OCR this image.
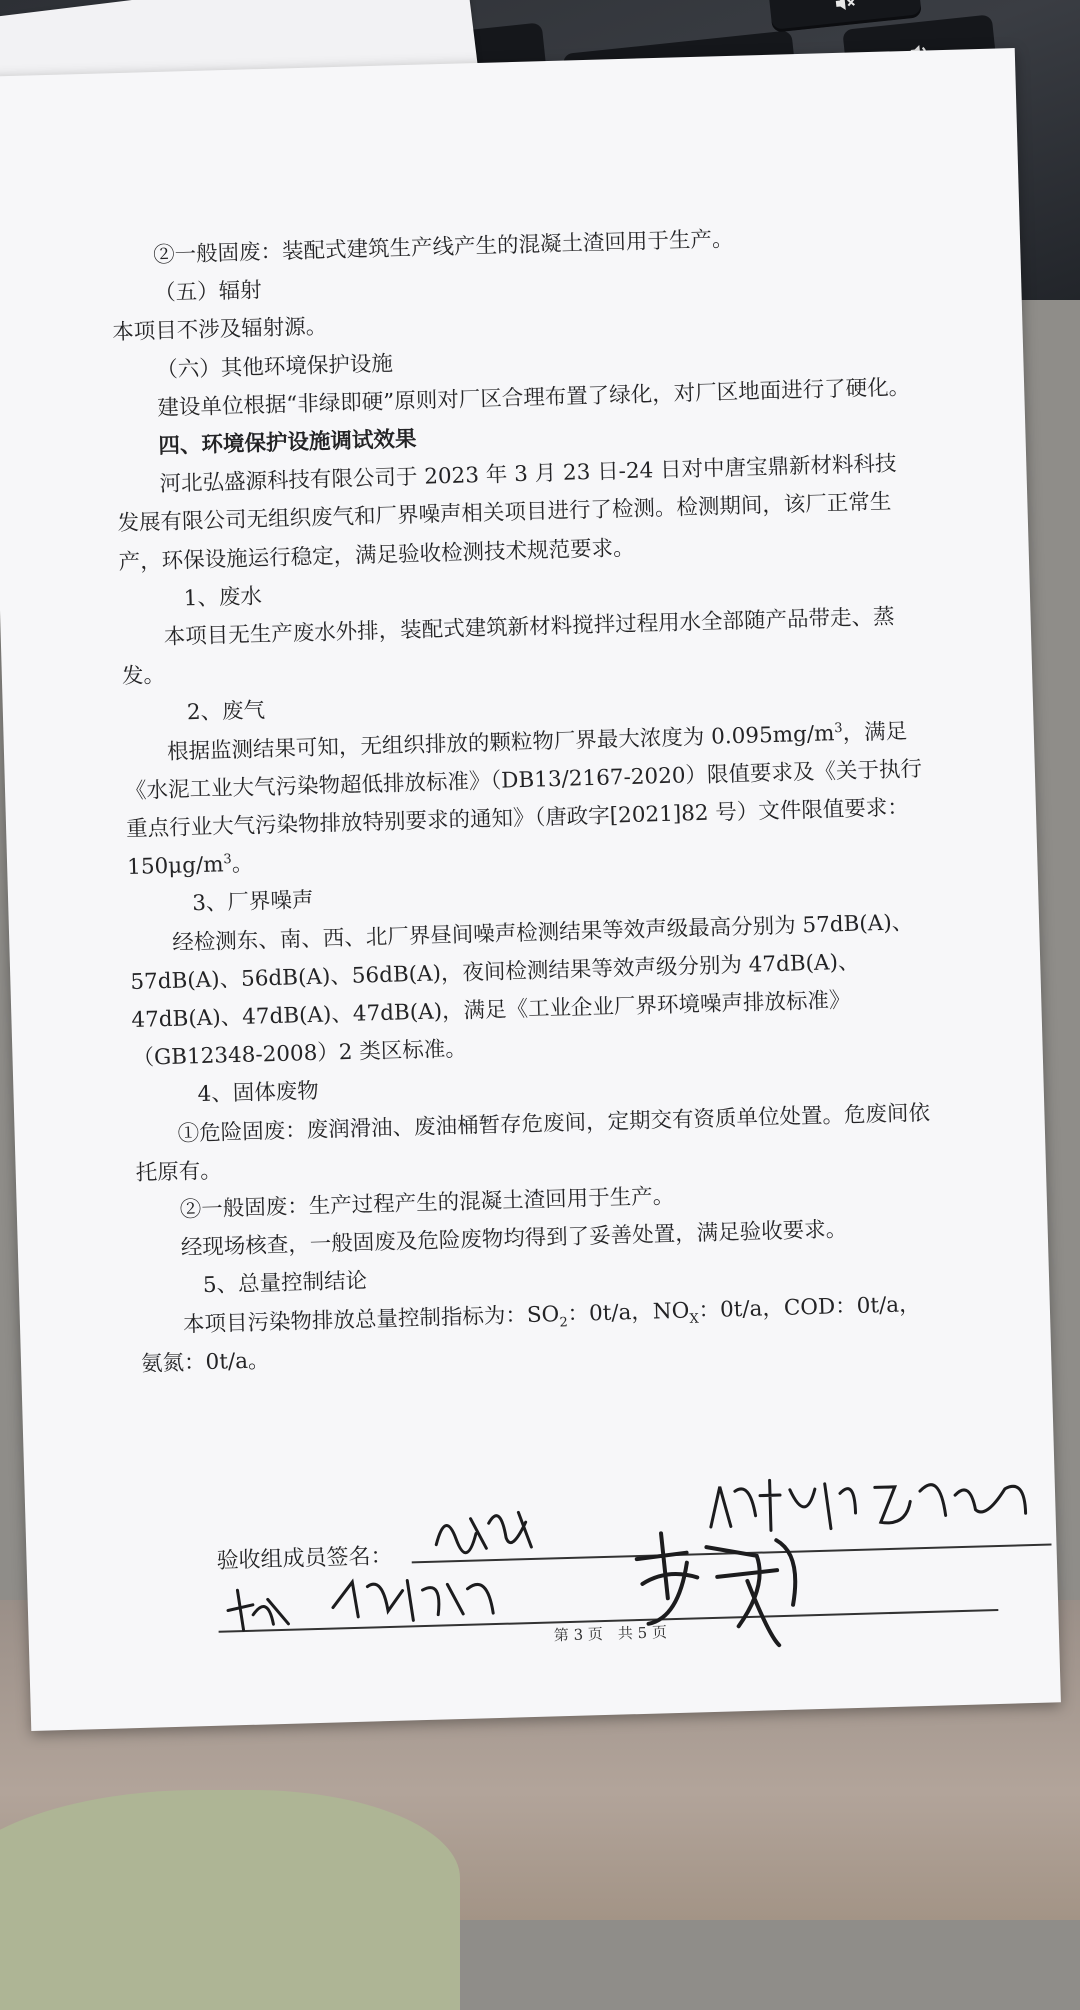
②一般固废：装配式建筑生产线产生的混凝土渣回用于生产。

（五）辐射

本项目不涉及辐射源。

（六）其他环境保护设施

建设单位根据“非绿即硬”原则对厂区合理布置了绿化，对厂区地面进行了硬化。

四、环境保护设施调试效果

河北弘盛源科技有限公司于 2023 年 3 月 23 日-24 日对中唐宝鼎新材料科技发展有限公司无组织废气和厂界噪声相关项目进行了检测。检测期间，该厂正常生产，环保设施运行稳定，满足验收检测技术规范要求。

1、废水

本项目无生产废水外排，装配式建筑新材料搅拌过程用水全部随产品带走、蒸发。

2、废气

根据监测结果可知，无组织排放的颗粒物厂界最大浓度为 $0.095mg/m^3$，满足《水泥工业大气污染物超低排放标准》（DB13/2167-2020）限值要求及《关于执行重点行业大气污染物排放特别要求的通知》（唐政字[2021]82 号）文件限值要求：$150\mu g/m^3$。

3、厂界噪声

经检测东、南、西、北厂界昼间噪声检测结果等效声级最高分别为 57dB(A)、57dB(A)、56dB(A)、56dB(A)，夜间检测结果等效声级分别为 47dB(A)、47dB(A)、47dB(A)、47dB(A)，满足《工业企业厂界环境噪声排放标准》（GB12348-2008）2 类区标准。

4、固体废物

①危险固废：废润滑油、废油桶暂存危废间，定期交有资质单位处置。危废间依托原有。

②一般固废：生产过程产生的混凝土渣回用于生产。

经现场核查，一般固废及危险废物均得到了妥善处置，满足验收要求。

5、总量控制结论

本项目污染物排放总量控制指标为：$SO_2$：0t/a，$NO_X$：0t/a，COD：0t/a，氨氮：0t/a。

验收组成员签名：
第 3 页　共 5 页
